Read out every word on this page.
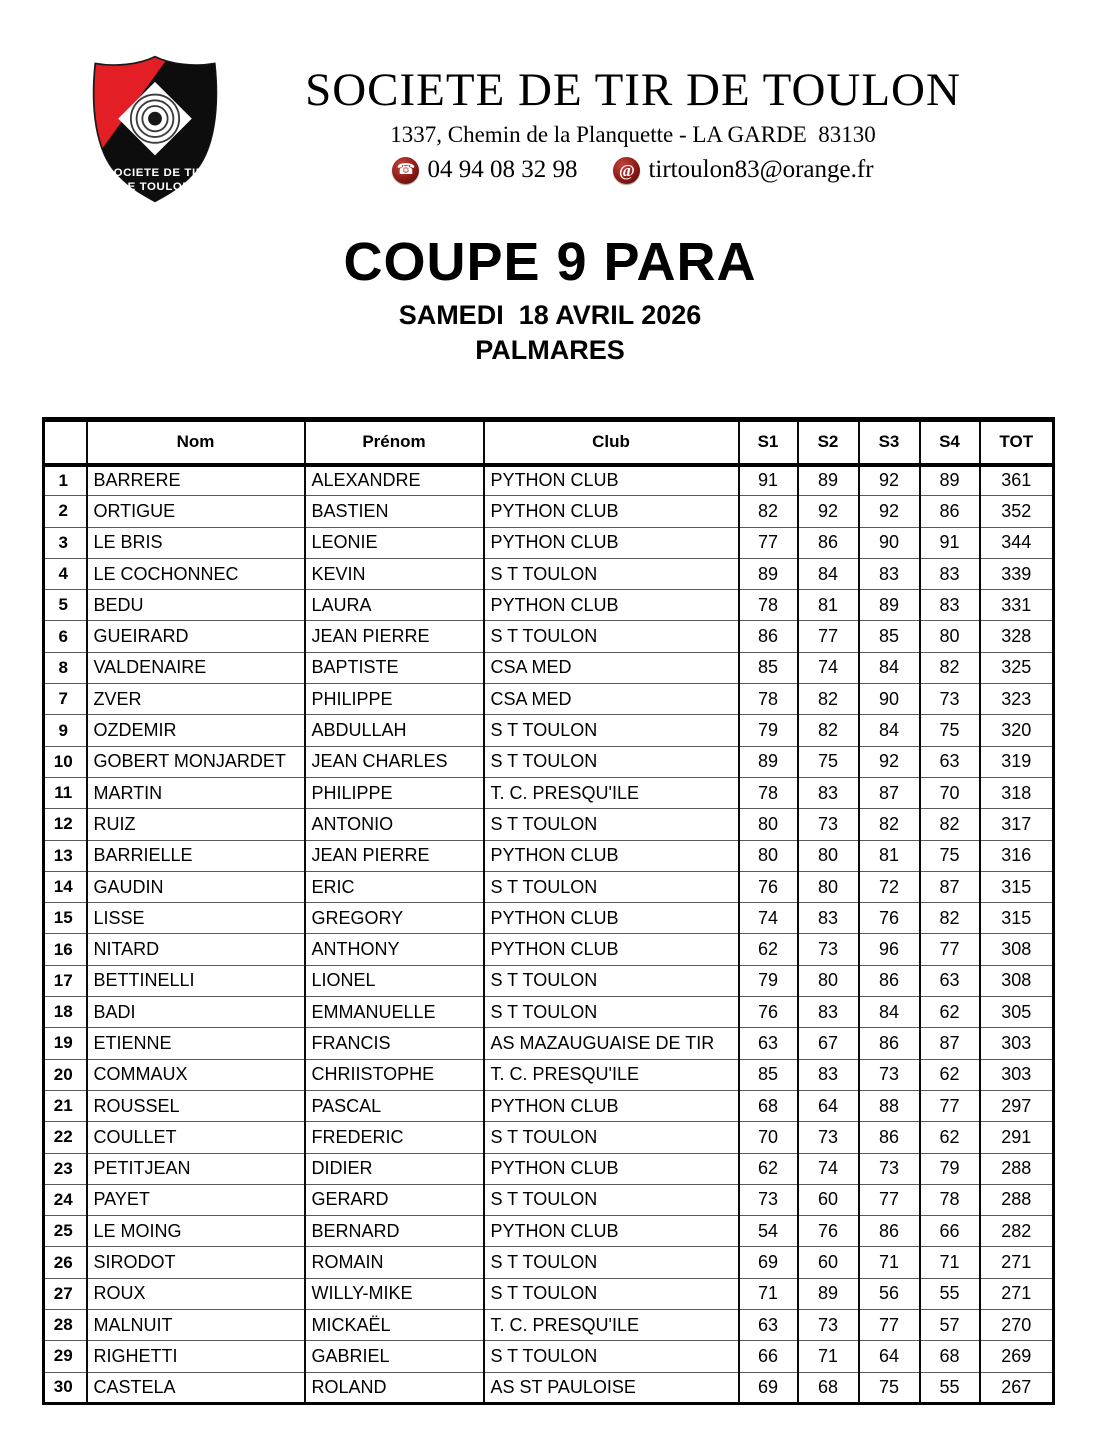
SOCIETE DE TIR
DE TOULON
SOCIETE DE TIR DE TOULON
1337, Chemin de la Planquette - LA GARDE  83130
☎ 04 94 08 32 98	@ tirtoulon83@orange.fr
COUPE 9 PARA
SAMEDI  18 AVRIL 2026
PALMARES
	Nom	Prénom	Club	S1	S2	S3	S4	TOT
1	BARRERE	ALEXANDRE	PYTHON CLUB	91	89	92	89	361
2	ORTIGUE	BASTIEN	PYTHON CLUB	82	92	92	86	352
3	LE BRIS	LEONIE	PYTHON CLUB	77	86	90	91	344
4	LE COCHONNEC	KEVIN	S T TOULON	89	84	83	83	339
5	BEDU	LAURA	PYTHON CLUB	78	81	89	83	331
6	GUEIRARD	JEAN PIERRE	S T TOULON	86	77	85	80	328
8	VALDENAIRE	BAPTISTE	CSA MED	85	74	84	82	325
7	ZVER	PHILIPPE	CSA MED	78	82	90	73	323
9	OZDEMIR	ABDULLAH	S T TOULON	79	82	84	75	320
10	GOBERT MONJARDET	JEAN CHARLES	S T TOULON	89	75	92	63	319
11	MARTIN	PHILIPPE	T. C. PRESQU'ILE	78	83	87	70	318
12	RUIZ	ANTONIO	S T TOULON	80	73	82	82	317
13	BARRIELLE	JEAN PIERRE	PYTHON CLUB	80	80	81	75	316
14	GAUDIN	ERIC	S T TOULON	76	80	72	87	315
15	LISSE	GREGORY	PYTHON CLUB	74	83	76	82	315
16	NITARD	ANTHONY	PYTHON CLUB	62	73	96	77	308
17	BETTINELLI	LIONEL	S T TOULON	79	80	86	63	308
18	BADI	EMMANUELLE	S T TOULON	76	83	84	62	305
19	ETIENNE	FRANCIS	AS MAZAUGUAISE DE TIR	63	67	86	87	303
20	COMMAUX	CHRIISTOPHE	T. C. PRESQU'ILE	85	83	73	62	303
21	ROUSSEL	PASCAL	PYTHON CLUB	68	64	88	77	297
22	COULLET	FREDERIC	S T TOULON	70	73	86	62	291
23	PETITJEAN	DIDIER	PYTHON CLUB	62	74	73	79	288
24	PAYET	GERARD	S T TOULON	73	60	77	78	288
25	LE MOING	BERNARD	PYTHON CLUB	54	76	86	66	282
26	SIRODOT	ROMAIN	S T TOULON	69	60	71	71	271
27	ROUX	WILLY-MIKE	S T TOULON	71	89	56	55	271
28	MALNUIT	MICKAËL	T. C. PRESQU'ILE	63	73	77	57	270
29	RIGHETTI	GABRIEL	S T TOULON	66	71	64	68	269
30	CASTELA	ROLAND	AS ST PAULOISE	69	68	75	55	267
